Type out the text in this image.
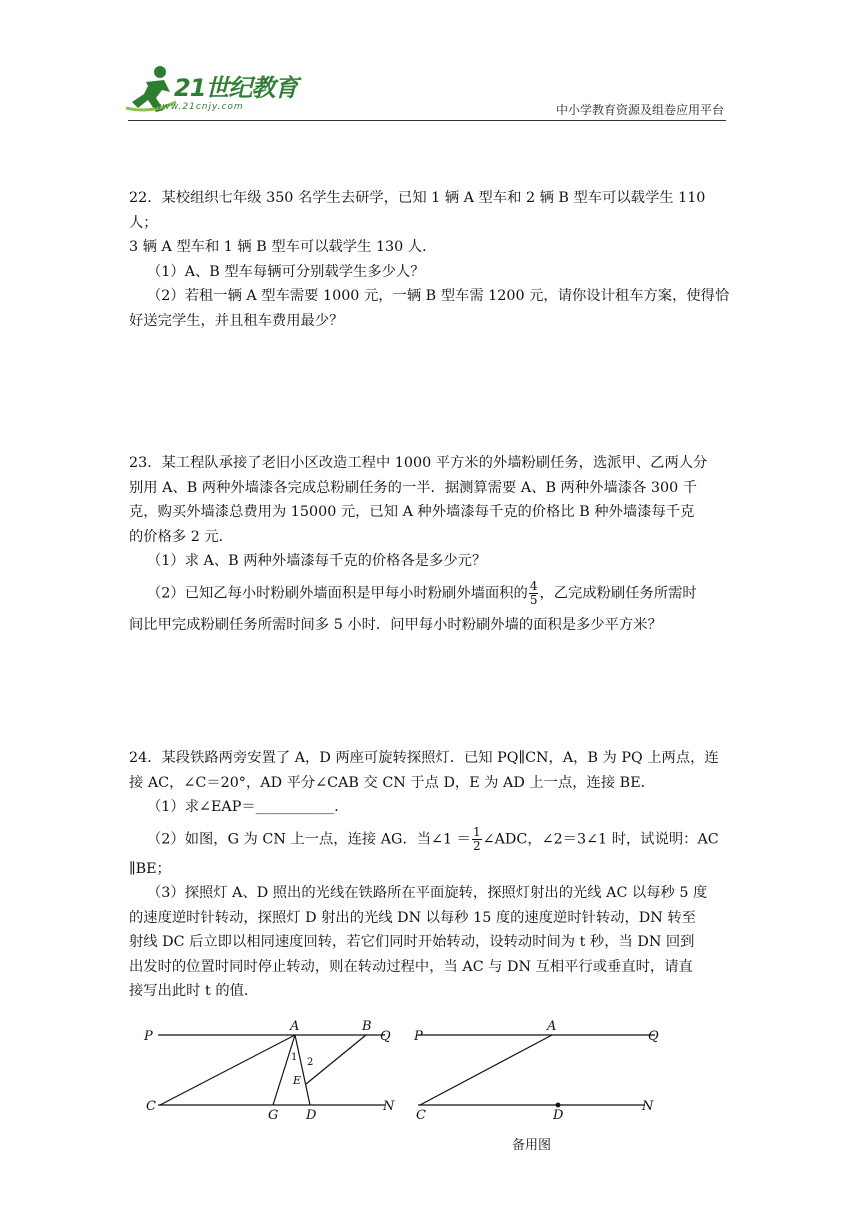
21世纪教育
www.21cnjy.com	中小学教育资源及组卷应用平台

22．某校组织七年级 350 名学生去研学，已知 1 辆 A 型车和 2 辆 B 型车可以载学生 110 人；

3 辆 A 型车和 1 辆 B 型车可以载学生 130 人．

（1）A、B 型车每辆可分别载学生多少人？

（2）若租一辆 A 型车需要 1000 元，一辆 B 型车需 1200 元，请你设计租车方案，使得恰

好送完学生，并且租车费用最少？

23．某工程队承接了老旧小区改造工程中 1000 平方米的外墙粉刷任务，选派甲、乙两人分

别用 A、B 两种外墙漆各完成总粉刷任务的一半．据测算需要 A、B 两种外墙漆各 300 千

克，购买外墙漆总费用为 15000 元，已知 A 种外墙漆每千克的价格比 B 种外墙漆每千克

的价格多 2 元．

（1）求 A、B 两种外墙漆每千克的价格各是多少元？

（2）已知乙每小时粉刷外墙面积是甲每小时粉刷外墙面积的 $\frac{4}{5}$ ，乙完成粉刷任务所需时

间比甲完成粉刷任务所需时间多 5 小时．问甲每小时粉刷外墙的面积是多少平方米？

24．某段铁路两旁安置了 A，D 两座可旋转探照灯．已知 PQ∥CN，A，B 为 PQ 上两点，连

接 AC，∠C＝20°，AD 平分∠CAB 交 CN 于点 D，E 为 AD 上一点，连接 BE．

（1）求∠EAP＝___________．

（2）如图，G 为 CN 上一点，连接 AG．当∠1 ＝ $\frac{1}{2}$ ∠ADC，∠2＝3∠1 时，试说明：AC

∥BE；

（3）探照灯 A、D 照出的光线在铁路所在平面旋转，探照灯射出的光线 AC 以每秒 5 度

的速度逆时针转动，探照灯 D 射出的光线 DN 以每秒 15 度的速度逆时针转动，DN 转至

射线 DC 后立即以相同速度回转，若它们同时开始转动，设转动时间为 t 秒，当 DN 回到

出发时的位置时同时停止转动，则在转动过程中，当 AC 与 DN 互相平行或垂直时，请直

接写出此时 t 的值．

P
A	B
Q
C
G D
N
E
1 2
P
A
Q
C	D
N
备用图
